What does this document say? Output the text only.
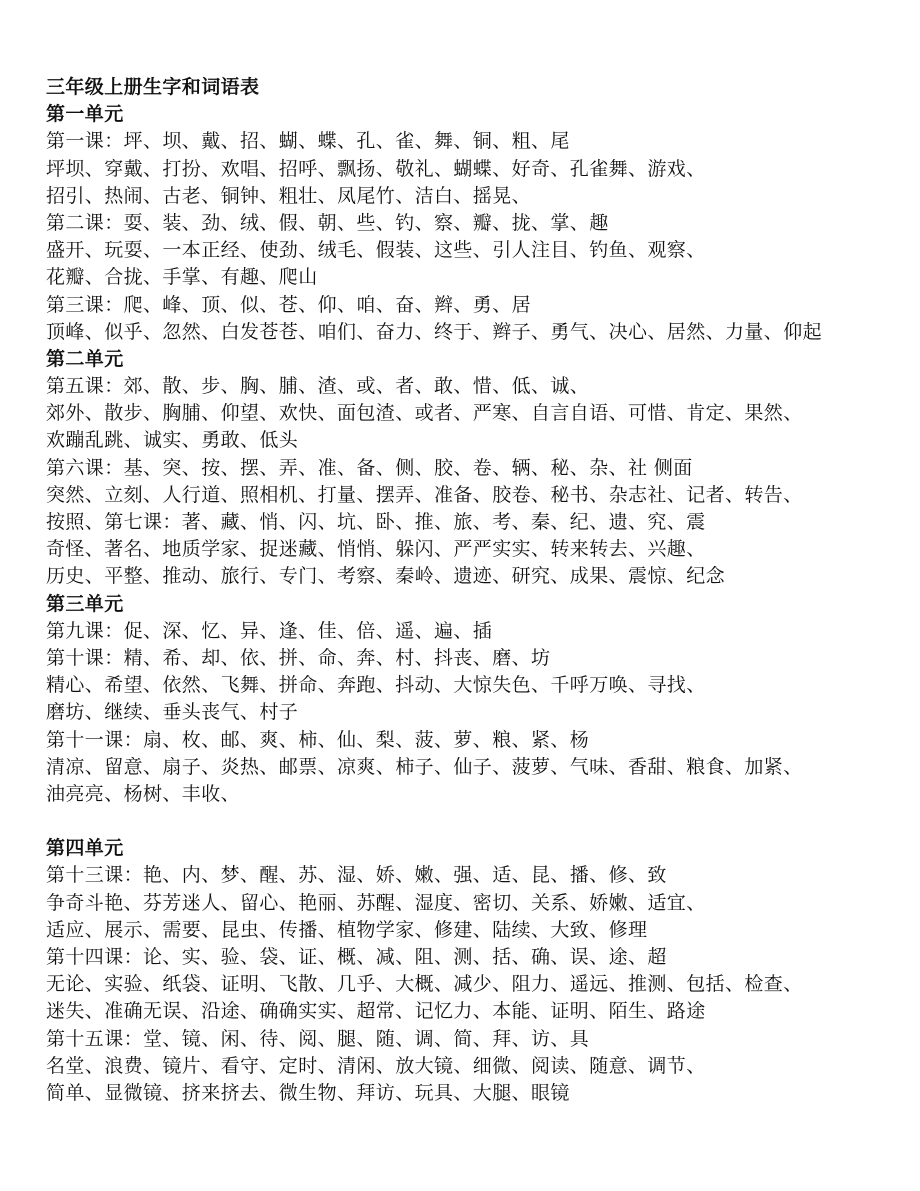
三年级上册生字和词语表
第一单元
第一课：坪、坝、戴、招、蝴、蝶、孔、雀、舞、铜、粗、尾
坪坝、穿戴、打扮、欢唱、招呼、飘扬、敬礼、蝴蝶、好奇、孔雀舞、游戏、
招引、热闹、古老、铜钟、粗壮、凤尾竹、洁白、摇晃、
第二课：耍、装、劲、绒、假、朝、些、钓、察、瓣、拢、掌、趣
盛开、玩耍、一本正经、使劲、绒毛、假装、这些、引人注目、钓鱼、观察、
花瓣、合拢、手掌、有趣、爬山
第三课：爬、峰、顶、似、苍、仰、咱、奋、辫、勇、居
顶峰、似乎、忽然、白发苍苍、咱们、奋力、终于、辫子、勇气、决心、居然、力量、仰起
第二单元
第五课：郊、散、步、胸、脯、渣、或、者、敢、惜、低、诚、
郊外、散步、胸脯、仰望、欢快、面包渣、或者、严寒、自言自语、可惜、肯定、果然、
欢蹦乱跳、诚实、勇敢、低头
第六课：基、突、按、摆、弄、准、备、侧、胶、卷、辆、秘、杂、社 侧面
突然、立刻、人行道、照相机、打量、摆弄、准备、胶卷、秘书、杂志社、记者、转告、
按照、第七课：著、藏、悄、闪、坑、卧、推、旅、考、秦、纪、遗、究、震
奇怪、著名、地质学家、捉迷藏、悄悄、躲闪、严严实实、转来转去、兴趣、
历史、平整、推动、旅行、专门、考察、秦岭、遗迹、研究、成果、震惊、纪念
第三单元
第九课：促、深、忆、异、逢、佳、倍、遥、遍、插
第十课：精、希、却、依、拼、命、奔、村、抖丧、磨、坊
精心、希望、依然、飞舞、拼命、奔跑、抖动、大惊失色、千呼万唤、寻找、
磨坊、继续、垂头丧气、村子
第十一课：扇、枚、邮、爽、柿、仙、梨、菠、萝、粮、紧、杨
清凉、留意、扇子、炎热、邮票、凉爽、柿子、仙子、菠萝、气味、香甜、粮食、加紧、
油亮亮、杨树、丰收、
第四单元
第十三课：艳、内、梦、醒、苏、湿、娇、嫩、强、适、昆、播、修、致
争奇斗艳、芬芳迷人、留心、艳丽、苏醒、湿度、密切、关系、娇嫩、适宜、
适应、展示、需要、昆虫、传播、植物学家、修建、陆续、大致、修理
第十四课：论、实、验、袋、证、概、减、阻、测、括、确、误、途、超
无论、实验、纸袋、证明、飞散、几乎、大概、减少、阻力、遥远、推测、包括、检查、
迷失、准确无误、沿途、确确实实、超常、记忆力、本能、证明、陌生、路途
第十五课：堂、镜、闲、待、阅、腿、随、调、简、拜、访、具
名堂、浪费、镜片、看守、定时、清闲、放大镜、细微、阅读、随意、调节、
简单、显微镜、挤来挤去、微生物、拜访、玩具、大腿、眼镜
